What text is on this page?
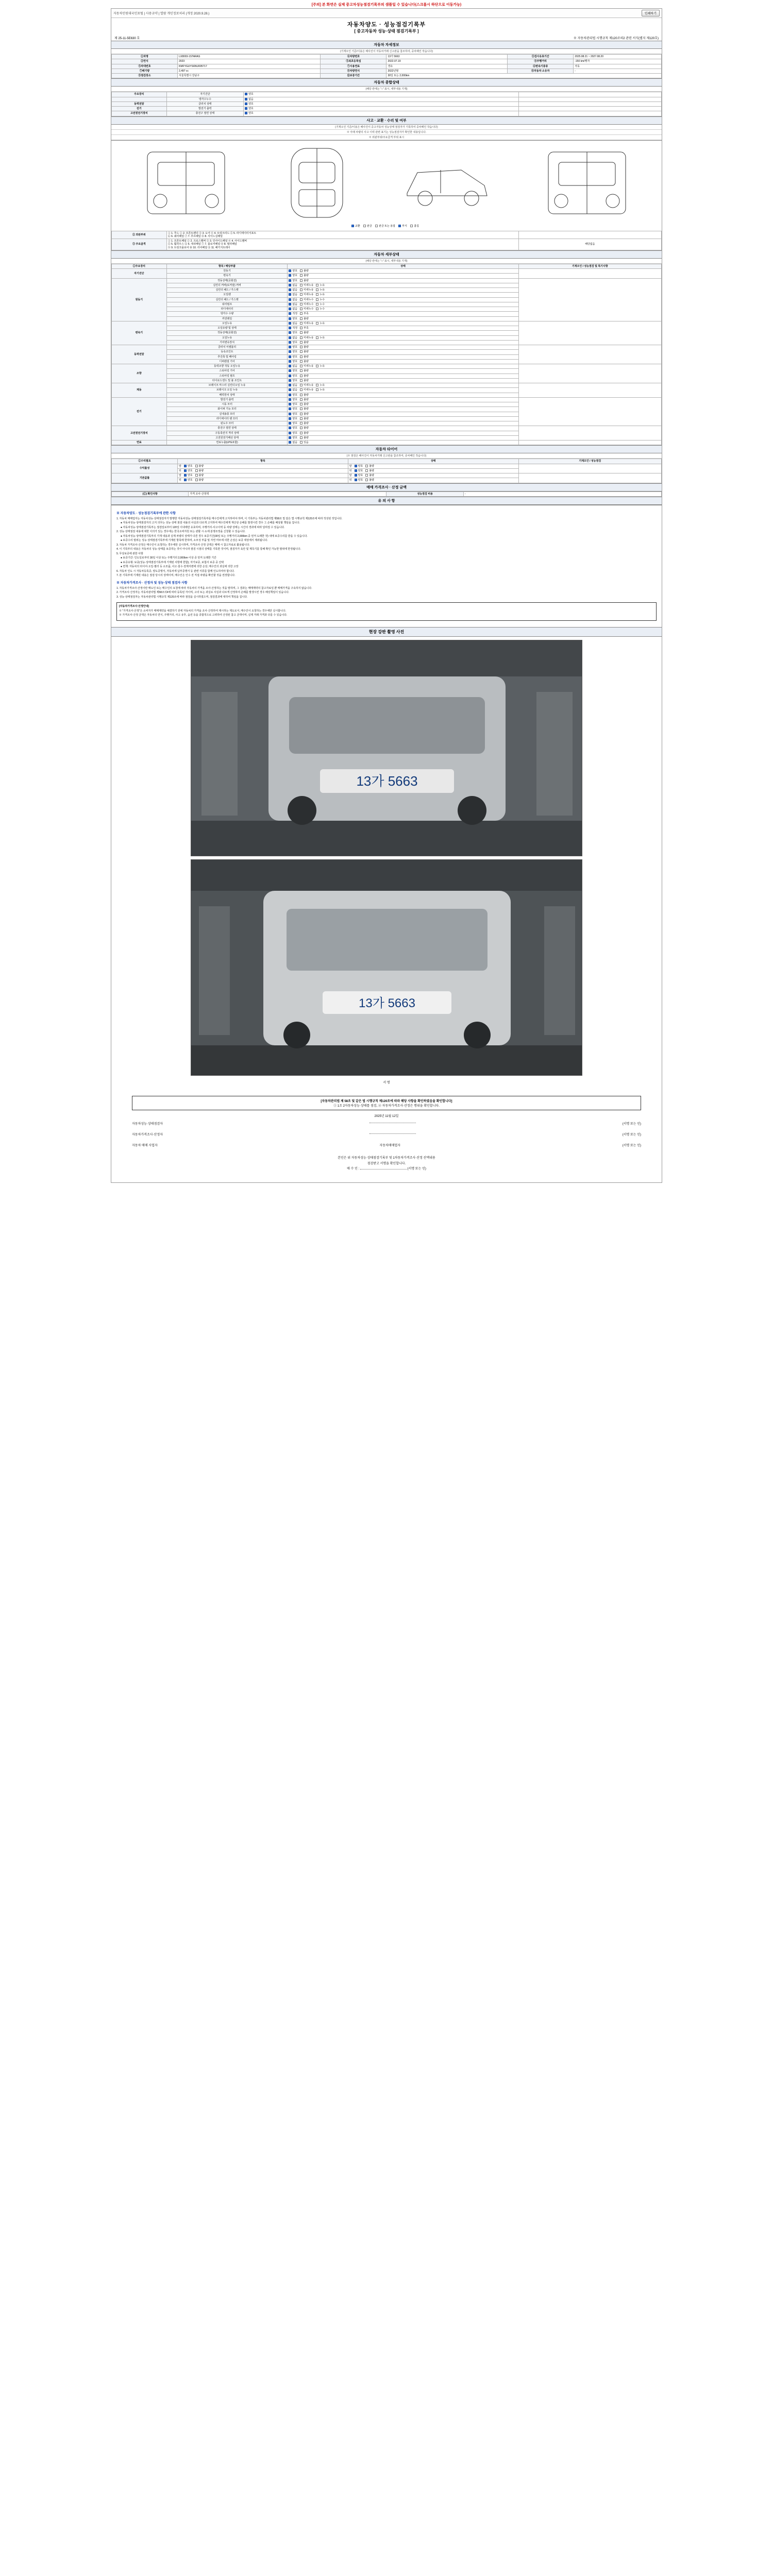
[주의] 본 화면은 실제 중고차성능점검기록부의 샘플일 수 있습니다(스크롤시 하단으로 이동가능)
자동차민원대국민포털 | 사용규약 | 열람 개인정보처리 (개정 2020.9.28.)	인쇄하기
자동차양도 · 성능점검기록부
[ 중고자동차 성능·상태 점검기록부 ]
제 25-11-5E630 호	※ 자동차관리법 시행규칙 제120조의2 관련 서식(별지 제120호)
자동차 자세정보
(기재오인 기준/이용은 해사진이 자동차거래 신고관을 참조하여, 중차패인 작습니다)
①차명	LX8003-1STARAS	④차량번호	13가 5663	③검사유효기간	2025.08.21 ~ 2027.08.20
②연식	2023	⑤최초등록일	2022.07.19	④주행거리	-150 km/행자
⑤차대번호	KMFYGUYS6NU005717	⑦사용연료	경유	⑥변속기종류	자동
⑦배기량	2,497 cc	⑨차량연식	2022년형	⑧자동차 소유자	-
⑨점검장소	서울특별시 강남구	⑪보증기간	30일 또는 2,000km		
자동차 종합상태
(해당 란에는 "○" 표시, 세부내용 기재)
주요장치	자기진단	양호	
	냉각수누수	없음	
동력전달	클러치 상태	양호	
전기	발전기 출력	양호	
고전원전기장치	충전구 절연 상태	양호	
사고 · 교환 · 수리 및 여부
(기재오인 기준/이용은 해사진이 중고자동차 성능상태 점검자가 기록하여 중차패인 작습니다)
※ 아래 차량의 사고 이력 관련 표기는 성능점검자가 확인한 내용입니다.
※ 외판부위/주요골격 부위 표시
교환	판금	판금 또는 용접	부식	흠집
② 외판부위	① 1. 후드 ② 2. 프론트펜더 ③ 3. 도어 ④ 4. 트렁크리드 ⑤ 5. 라디에이터서포트
⑥ 6. 쿼터패널 ⑦ 7. 루프패널 ⑧ 8. 사이드실패널	
③ 주요골격	① 1. 프론트패널 ② 2. 크로스멤버 ③ 3. 인사이드패널 ④ 4. 사이드멤버
⑤ 5. 휠하우스 ⑥ 6. 대쉬패널 ⑦ 7. 플로어패널 ⑧ 8. 필러패널
⑨ 9. 트렁크플로어 ⑩ 10. 리어패널 ⑪ 11. 패키지트레이	해당없음
자동차 세부상태
(해당 란에는 "○" 표시, 세부내용 기재)
①주요장치	항목 / 해당부품	상태	기재오인 / 성능점검 및 특기사항
자기진단	원동기	양호 불량	
	변속기	양호 불량	
원동기	작동상태(공회전)	양호 불량	
	실린더 커버(로커암) 커버	없음 미세누유 누유	
	실린더 헤드 / 가스켓	없음 미세누유 누유	
	오일팬	없음 미세누유 누유	
	실린더 헤드 / 가스켓	없음 미세누수 누수	
	워터펌프	없음 미세누수 누수	
	라디에이터	없음 미세누수 누수	
	냉각수 수량	적정 부족	
	커먼레일	양호 불량	
변속기	오일누유	없음 미세누유 누유	
	오일유량 및 상태	적정 부족	
	작동상태(공회전)	양호 불량	
	오일누유	없음 미세누유 누유	
	기어변속장치	양호 불량	
동력전달	클러치 어셈블리	양호 불량	
	등속조인트	양호 불량	
	추진축 및 베어링	양호 불량	
	디퍼렌셜 기어	양호 불량	
조향	동력조향 작동 오일누유	없음 미세누유 누유	
	스티어링 기어	양호 불량	
	스티어링 펌프	양호 불량	
	타이로드엔드 및 볼 조인트	양호 불량	
제동	브레이크 마스터 실린더오일 누유	없음 미세누유 누유	
	브레이크 오일 누유	없음 미세누유 누유	
	배력장치 상태	양호 불량	
전기	발전기 출력	양호 불량	
	시동 모터	양호 불량	
	와이퍼 기능 모터	양호 불량	
	실내송풍 모터	양호 불량	
	라디에이터 팬 모터	양호 불량	
	윈도우 모터	양호 불량	
고전원전기장치	충전구 절연 상태	양호 불량	
	구동축전지 격리 상태	양호 불량	
	고전원전기배선 상태	양호 불량	
연료	연료누출(LPG포함)	없음 있음	
자동차 타이어
(※ 점검은 해사진이 자동차거래 신고관을 참조하여, 중차패인 작습니다)
①수리필요	항목	상태	기재오인 / 성능점검
수익률성	앞양호 불량	앞양호 불량	
	뒤양호 불량	뒤양호 불량	
기본값률	앞양호 불량	앞양호 불량	
	뒤양호 불량	뒤양호 불량	
매매 가격조사 · 산정 금액
(①) 확인사항	가격 조사·산정액	성능점검 비용	-
유 의 사 항
※ 자동차양도 · 성능점검기록부에 관한 사항

1. 자동차 매매업자는 자동차성능·상태점검자가 발행한 자동차성능·상태점검기록부를 매수인에게 고지하여야 하며, 이 기록부는 자동차관리법 제58조 및 같은 법 시행규칙 제120조에 따라 작성된 것입니다.

● 자동차성능·상태점검자의 고지 의무는 성능·상태 점검 내용의 사실과 다르게 고지하여 매수인에게 재산상 손해를 발생시킨 경우 그 손해를 배상할 책임을 집니다.

● 자동차성능·상태점검기록부는 점검일로부터 120일 이내에만 유효하며, 주행거리·사고이력 등 차량 상태는 시간의 경과에 따라 달라질 수 있습니다.

2. 성능·상태점검 내용에 대한 이의가 있는 경우에는 한국소비자원 또는 관할 시·도에 분쟁조정을 신청할 수 있습니다.

● 자동차성능·상태점검기록부의 기재 내용과 실제 차량의 상태가 다른 경우 보증기간(30일 또는 주행거리 2,000km 중 먼저 도래한 것) 내에 보증수리를 받을 수 있습니다.

● 보증수리 범위는 성능·상태점검기록부에 기재된 항목에 한하며, 소모성 부품 및 자연 마모에 의한 손상은 보증 대상에서 제외됩니다.

3. 자동차 가격조사·산정은 매수인이 요청하는 경우에만 실시하며, 가격조사·산정 금액은 매매 시 참고자료로 활용됩니다.

4. 이 기록부의 내용은 자동차의 성능·상태를 보증하는 것이 아니라 점검 시점의 상태를 기록한 것이며, 점검자가 육안 및 계측기를 통해 확인 가능한 범위에 한정됩니다.

5. 무상보증에 관한 사항

● 보증기간: 인도일로부터 30일 이상 또는 주행거리 2,000km 이상 중 먼저 도래한 기간

● 보증유형: 보증(성능·상태점검기록부에 기재된 사항에 한함), 자가보증, 보험사 보증 중 선택

● 면책: 자동차의 타이어·오일·필터 등 소모품, 사고·침수·천재지변에 의한 손상, 매수인의 과실에 의한 고장

6. 자동차 인도 시 자동차등록증, 양도증명서, 자동차세 납부증명서 등 관련 서류를 함께 인도하여야 합니다.

7. 본 기록부에 기재된 내용은 점검 당시의 상태이며, 매수인은 인수 전 직접 차량을 확인할 것을 권장합니다.

※ 자동차가격조사 · 산정자 및 성능·상태 점검자 사항

1. 자동차가격조사·산정이란 매도인 또는 매수인의 요청에 따라 자동차의 가격을 조사·산정하는 것을 말하며, 그 결과는 매매계약의 참고자료일 뿐 매매가격을 구속하지 않습니다.

2. 가격조사·산정자는 자동차관리법 제58조의4에 따라 등록된 자이며, 고의 또는 과실로 사실과 다르게 산정하여 손해를 발생시킨 경우 배상책임이 있습니다.

3. 성능·상태점검자는 자동차관리법 시행규칙 제120조에 따라 점검을 실시하였으며, 점검결과에 대하여 책임을 집니다.

[자동차가격조사·산정안내]

※ "가격조사·산정"은 소비자가 매매계약을 체결하기 전에 자동차의 가격을 조사·산정하여 제시하는 제도로서, 매수인이 요청하는 경우에만 실시합니다.

※ 가격조사·산정 금액은 자동차의 연식, 주행거리, 사고 유무, 옵션 등을 종합적으로 고려하여 산정된 참고 금액이며, 실제 거래 가격과 다를 수 있습니다.

현장 강판 촬영 사진
13가 5663
13가 5663
서 명
[자동차관리법 제 58조 및 같은 법 시행규칙 제120조에 따라 해당 사항을 확인하였음을 확인합니다]
① 1조 2자동차성능·상태를 점검, ② 자동차가격조사·산정은 행위을 확인합니다.
2025년 11월 12일
자동차성능·상태점검자	(서명 또는 인)
자동차가격조사·산정자	(서명 또는 인)
자동차 매매 사업자	자동차매매업자	(서명 또는 인)
본인은 위 자동차성능·상태점검기록부 및 1차동차가격조사·산정 산액내용
점검받고 서명을 확인합니다.
매 수 인 :	(서명 또는 인)
